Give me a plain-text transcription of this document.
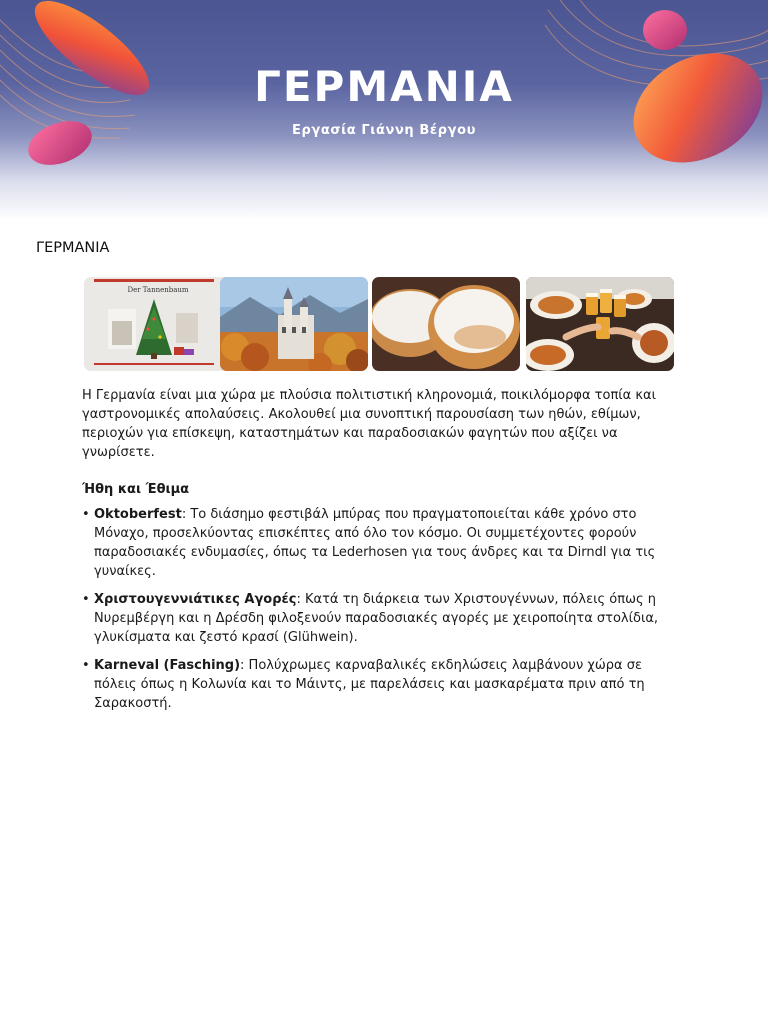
ΓΕΡΜΑΝΙΑ
Εργασία Γιάννη Βέργου
ΓΕΡΜΑΝΙΑ
Der Tannenbaum
Η Γερμανία είναι μια χώρα με πλούσια πολιτιστική κληρονομιά, ποικιλόμορφα τοπία και γαστρονομικές απολαύσεις. Ακολουθεί μια συνοπτική παρουσίαση των ηθών, εθίμων, περιοχών για επίσκεψη, καταστημάτων και παραδοσιακών φαγητών που αξίζει να γνωρίσετε.
Ήθη και Έθιμα
• Oktoberfest: Το διάσημο φεστιβάλ μπύρας που πραγματοποιείται κάθε χρόνο στο Μόναχο, προσελκύοντας επισκέπτες από όλο τον κόσμο. Οι συμμετέχοντες φορούν παραδοσιακές ενδυμασίες, όπως τα Lederhosen για τους άνδρες και τα Dirndl για τις γυναίκες.
• Χριστουγεννιάτικες Αγορές: Κατά τη διάρκεια των Χριστουγέννων, πόλεις όπως η Νυρεμβέργη και η Δρέσδη φιλοξενούν παραδοσιακές αγορές με χειροποίητα στολίδια, γλυκίσματα και ζεστό κρασί (Glühwein).
• Karneval (Fasching): Πολύχρωμες καρναβαλικές εκδηλώσεις λαμβάνουν χώρα σε πόλεις όπως η Κολωνία και το Μάιντς, με παρελάσεις και μασκαρέματα πριν από τη Σαρακοστή.
